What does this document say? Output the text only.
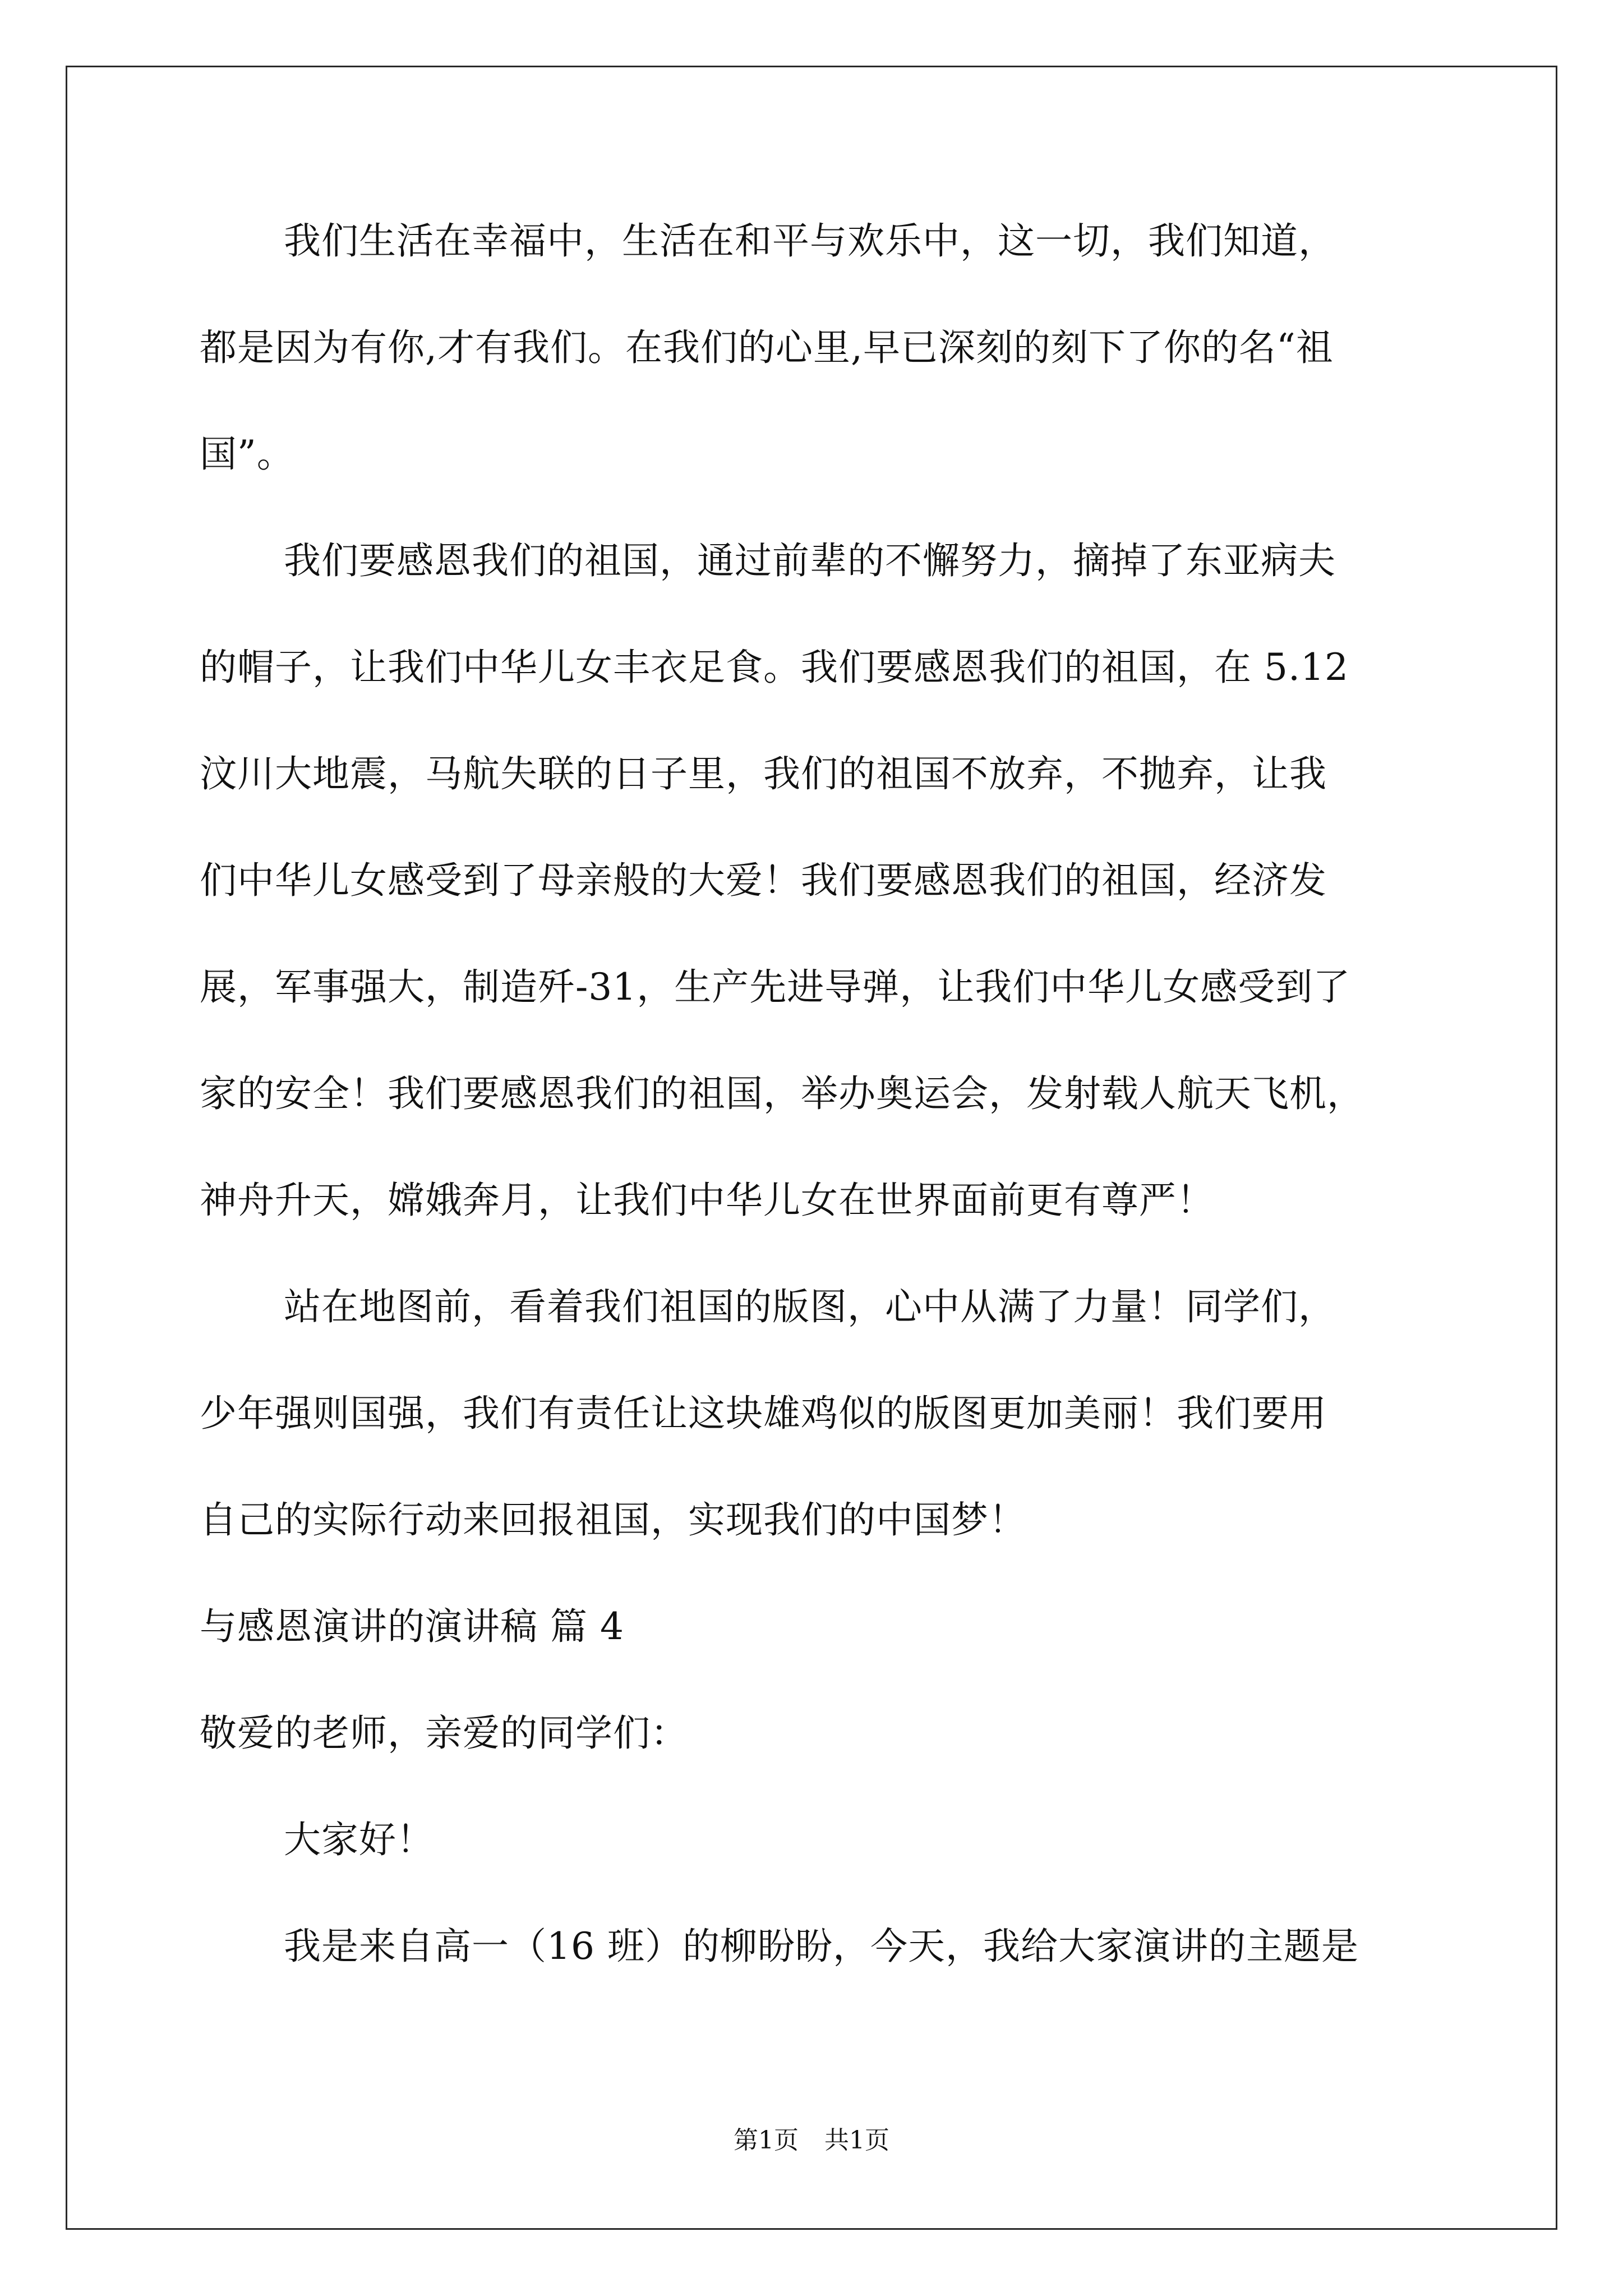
我们生活在幸福中，生活在和平与欢乐中，这一切，我们知道，
都是因为有你,才有我们。在我们的心里,早已深刻的刻下了你的名“祖
国”。
我们要感恩我们的祖国，通过前辈的不懈努力，摘掉了东亚病夫
的帽子，让我们中华儿女丰衣足食。我们要感恩我们的祖国，在 5.12
汶川大地震，马航失联的日子里，我们的祖国不放弃，不抛弃，让我
们中华儿女感受到了母亲般的大爱！我们要感恩我们的祖国，经济发
展，军事强大，制造歼-31，生产先进导弹，让我们中华儿女感受到了
家的安全！我们要感恩我们的祖国，举办奥运会，发射载人航天飞机，
神舟升天，嫦娥奔月，让我们中华儿女在世界面前更有尊严！
站在地图前，看着我们祖国的版图，心中从满了力量！同学们，
少年强则国强，我们有责任让这块雄鸡似的版图更加美丽！我们要用
自己的实际行动来回报祖国，实现我们的中国梦！
与感恩演讲的演讲稿 篇 4
敬爱的老师，亲爱的同学们：
大家好！
我是来自高一（16 班）的柳盼盼，今天，我给大家演讲的主题是
第1页 共1页
